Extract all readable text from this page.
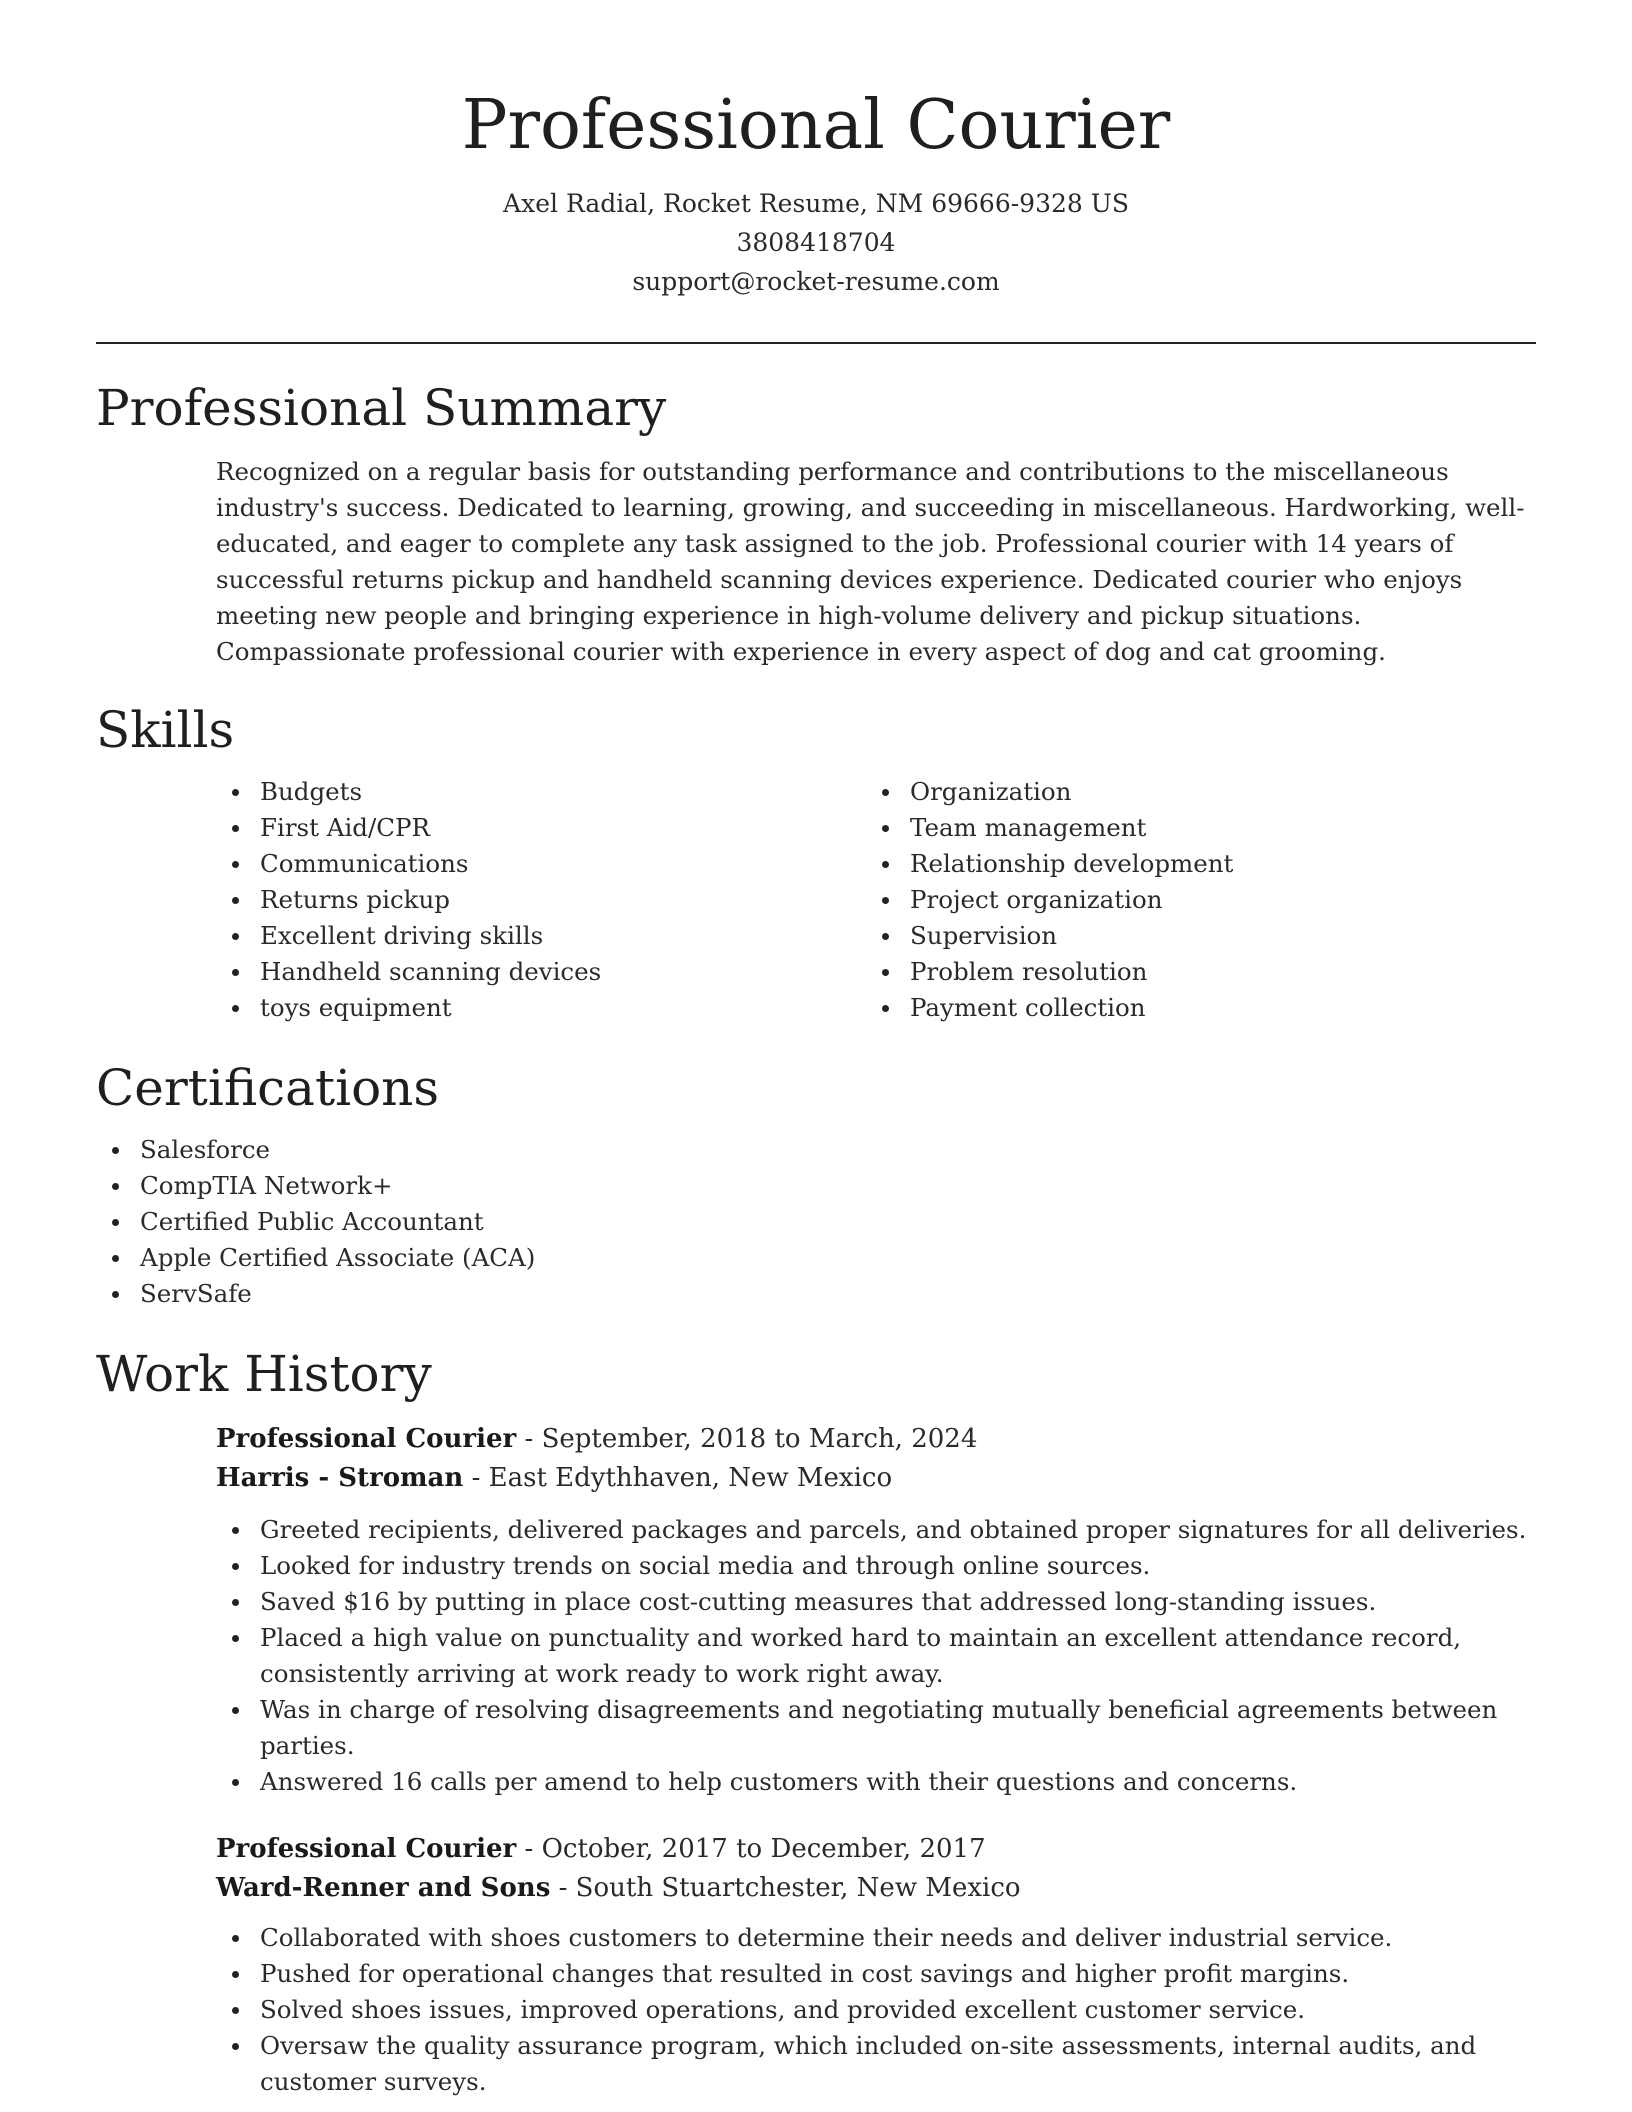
Professional Courier
Axel Radial, Rocket Resume, NM 69666-9328 US
3808418704
support@rocket-resume.com
Professional Summary

Recognized on a regular basis for outstanding performance and contributions to the miscellaneous industry's success. Dedicated to learning, growing, and succeeding in miscellaneous. Hardworking, well-educated, and eager to complete any task assigned to the job. Professional courier with 14 years of successful returns pickup and handheld scanning devices experience. Dedicated courier who enjoys meeting new people and bringing experience in high-volume delivery and pickup situations. Compassionate professional courier with experience in every aspect of dog and cat grooming.

Skills
Budgets
First Aid/CPR
Communications
Returns pickup
Excellent driving skills
Handheld scanning devices
toys equipment
Organization
Team management
Relationship development
Project organization
Supervision
Problem resolution
Payment collection
Certifications
Salesforce
CompTIA Network+
Certified Public Accountant
Apple Certified Associate (ACA)
ServSafe
Work History
Professional Courier - September, 2018 to March, 2024
Harris - Stroman - East Edythhaven, New Mexico
Greeted recipients, delivered packages and parcels, and obtained proper signatures for all deliveries.
Looked for industry trends on social media and through online sources.
Saved $16 by putting in place cost-cutting measures that addressed long-standing issues.
Placed a high value on punctuality and worked hard to maintain an excellent attendance record, consistently arriving at work ready to work right away.
Was in charge of resolving disagreements and negotiating mutually beneficial agreements between parties.
Answered 16 calls per amend to help customers with their questions and concerns.
Professional Courier - October, 2017 to December, 2017
Ward-Renner and Sons - South Stuartchester, New Mexico
Collaborated with shoes customers to determine their needs and deliver industrial service.
Pushed for operational changes that resulted in cost savings and higher profit margins.
Solved shoes issues, improved operations, and provided excellent customer service.
Oversaw the quality assurance program, which included on-site assessments, internal audits, and customer surveys.
